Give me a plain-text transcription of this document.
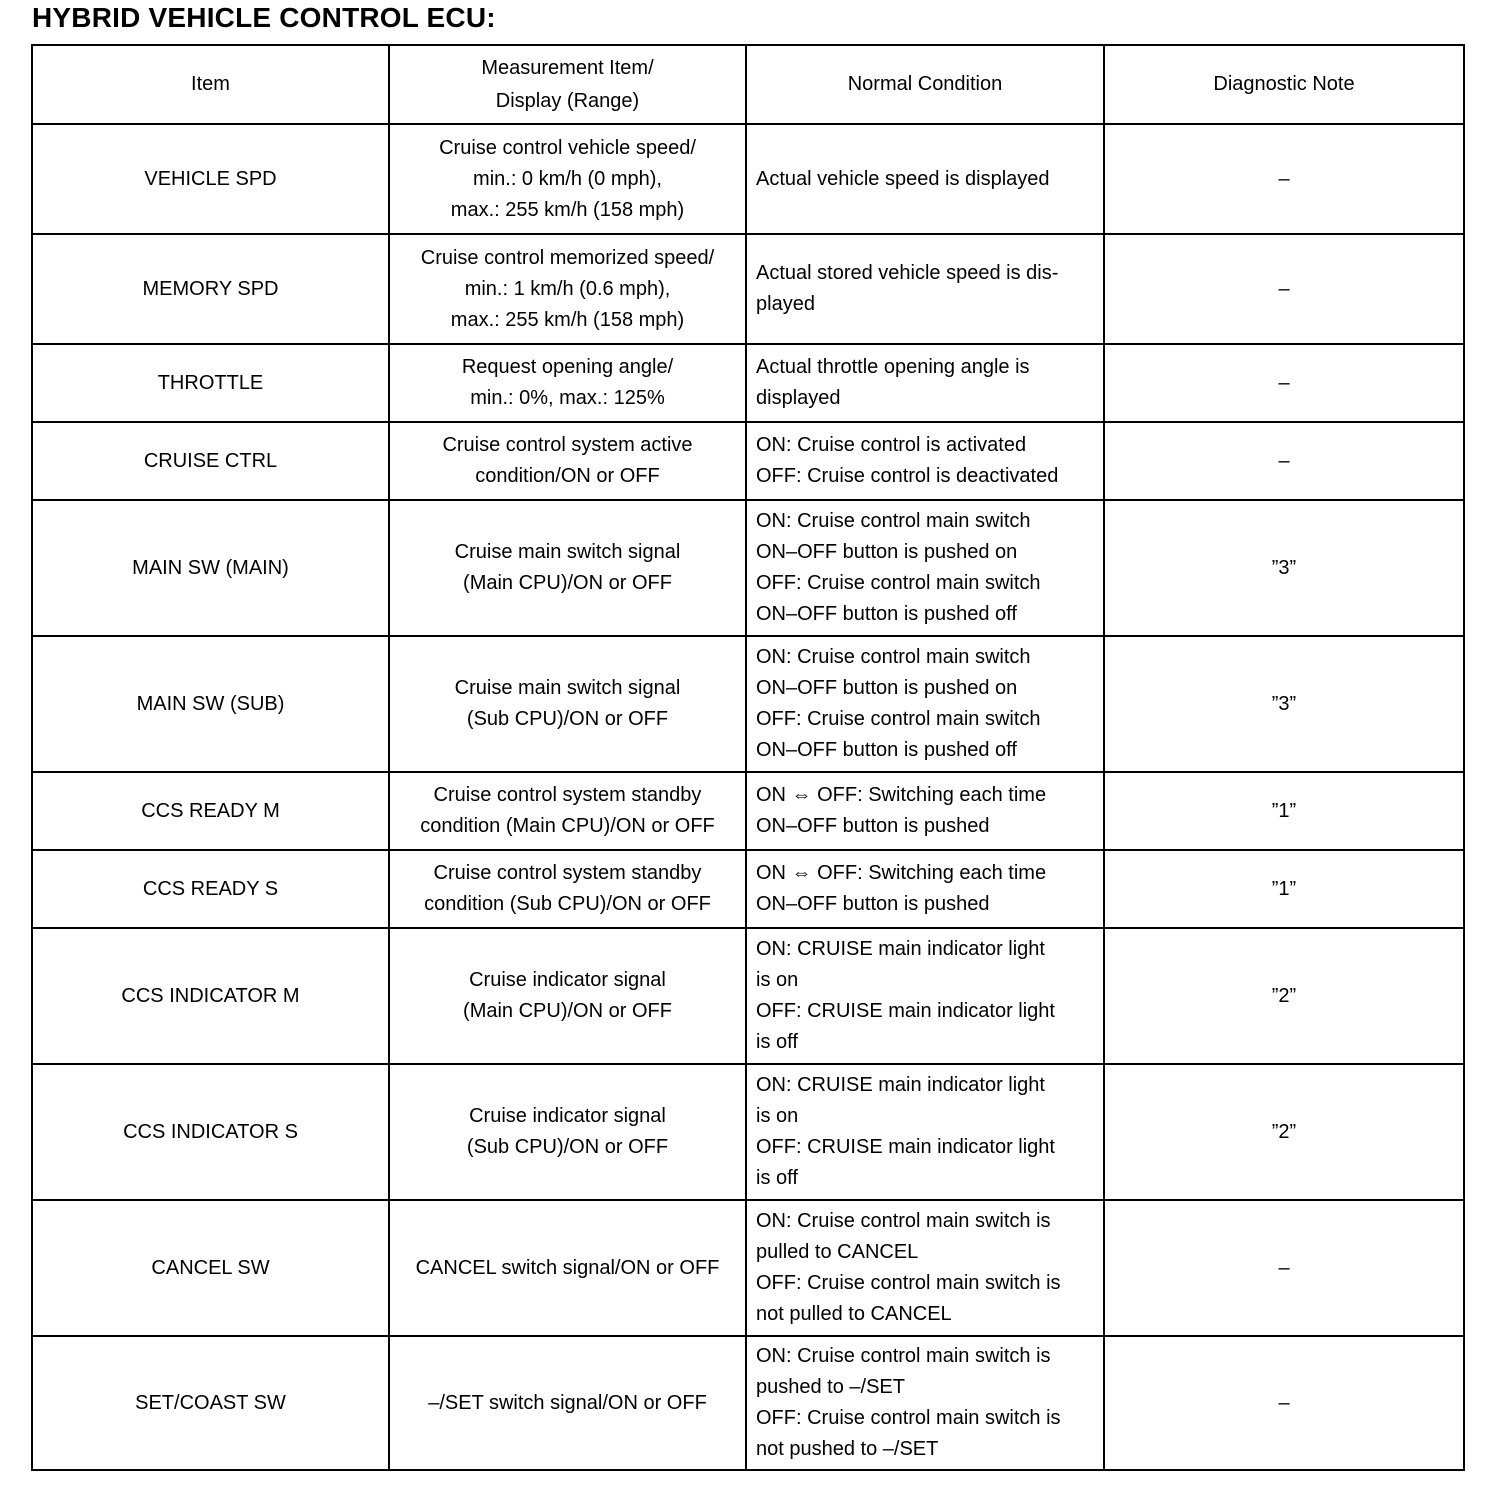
HYBRID VEHICLE CONTROL ECU:
Item	Measurement Item/
Display (Range)	Normal Condition	Diagnostic Note
VEHICLE SPD	Cruise control vehicle speed/
min.: 0 km/h (0 mph),
max.: 255 km/h (158 mph)	Actual vehicle speed is displayed	–
MEMORY SPD	Cruise control memorized speed/
min.: 1 km/h (0.6 mph),
max.: 255 km/h (158 mph)	Actual stored vehicle speed is dis-
played	–
THROTTLE	Request opening angle/
min.: 0%, max.: 125%	Actual throttle opening angle is
displayed	–
CRUISE CTRL	Cruise control system active
condition/ON or OFF	ON: Cruise control is activated
OFF: Cruise control is deactivated	–
MAIN SW (MAIN)	Cruise main switch signal
(Main CPU)/ON or OFF	ON: Cruise control main switch
ON–OFF button is pushed on
OFF: Cruise control main switch
ON–OFF button is pushed off	”3”
MAIN SW (SUB)	Cruise main switch signal
(Sub CPU)/ON or OFF	ON: Cruise control main switch
ON–OFF button is pushed on
OFF: Cruise control main switch
ON–OFF button is pushed off	”3”
CCS READY M	Cruise control system standby
condition (Main CPU)/ON or OFF	ON ⇔ OFF: Switching each time
ON–OFF button is pushed	”1”
CCS READY S	Cruise control system standby
condition (Sub CPU)/ON or OFF	ON ⇔ OFF: Switching each time
ON–OFF button is pushed	”1”
CCS INDICATOR M	Cruise indicator signal
(Main CPU)/ON or OFF	ON: CRUISE main indicator light
is on
OFF: CRUISE main indicator light
is off	”2”
CCS INDICATOR S	Cruise indicator signal
(Sub CPU)/ON or OFF	ON: CRUISE main indicator light
is on
OFF: CRUISE main indicator light
is off	”2”
CANCEL SW	CANCEL switch signal/ON or OFF	ON: Cruise control main switch is
pulled to CANCEL
OFF: Cruise control main switch is
not pulled to CANCEL	–
SET/COAST SW	–/SET switch signal/ON or OFF	ON: Cruise control main switch is
pushed to –/SET
OFF: Cruise control main switch is
not pushed to –/SET	–
